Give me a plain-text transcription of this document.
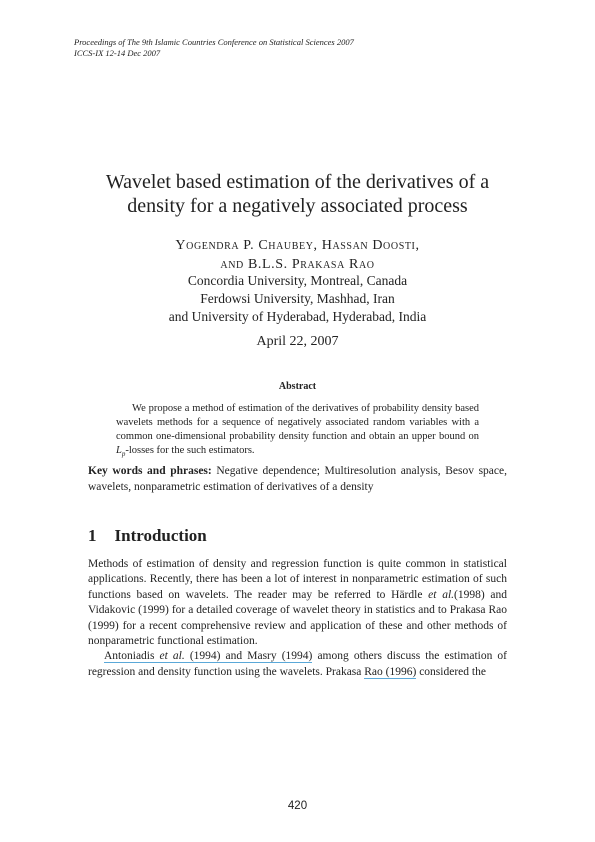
Proceedings of The 9th Islamic Countries Conference on Statistical Sciences 2007
ICCS-IX 12-14 Dec 2007
Wavelet based estimation of the derivatives of a
density for a negatively associated process
Yogendra P. Chaubey, Hassan Doosti,
and B.L.S. Prakasa Rao
Concordia University, Montreal, Canada
Ferdowsi University, Mashhad, Iran
and University of Hyderabad, Hyderabad, India
April 22, 2007
Abstract
We propose a method of estimation of the derivatives of probability density based wavelets methods for a sequence of negatively associated random variables with a common one-dimensional probability density function and obtain an upper bound on $L_p$-losses for the such estimators.
Key words and phrases: Negative dependence; Multiresolution analysis, Besov space, wavelets, nonparametric estimation of derivatives of a density
1 Introduction

Methods of estimation of density and regression function is quite common in statistical applications. Recently, there has been a lot of interest in nonparametric estimation of such functions based on wavelets. The reader may be referred to Härdle et al.(1998) and Vidakovic (1999) for a detailed coverage of wavelet theory in statistics and to Prakasa Rao (1999) for a recent comprehensive review and application of these and other methods of nonparametric functional estimation.

Antoniadis et al. (1994) and Masry (1994) among others discuss the estimation of regression and density function using the wavelets. Prakasa Rao (1996) considered the

420
